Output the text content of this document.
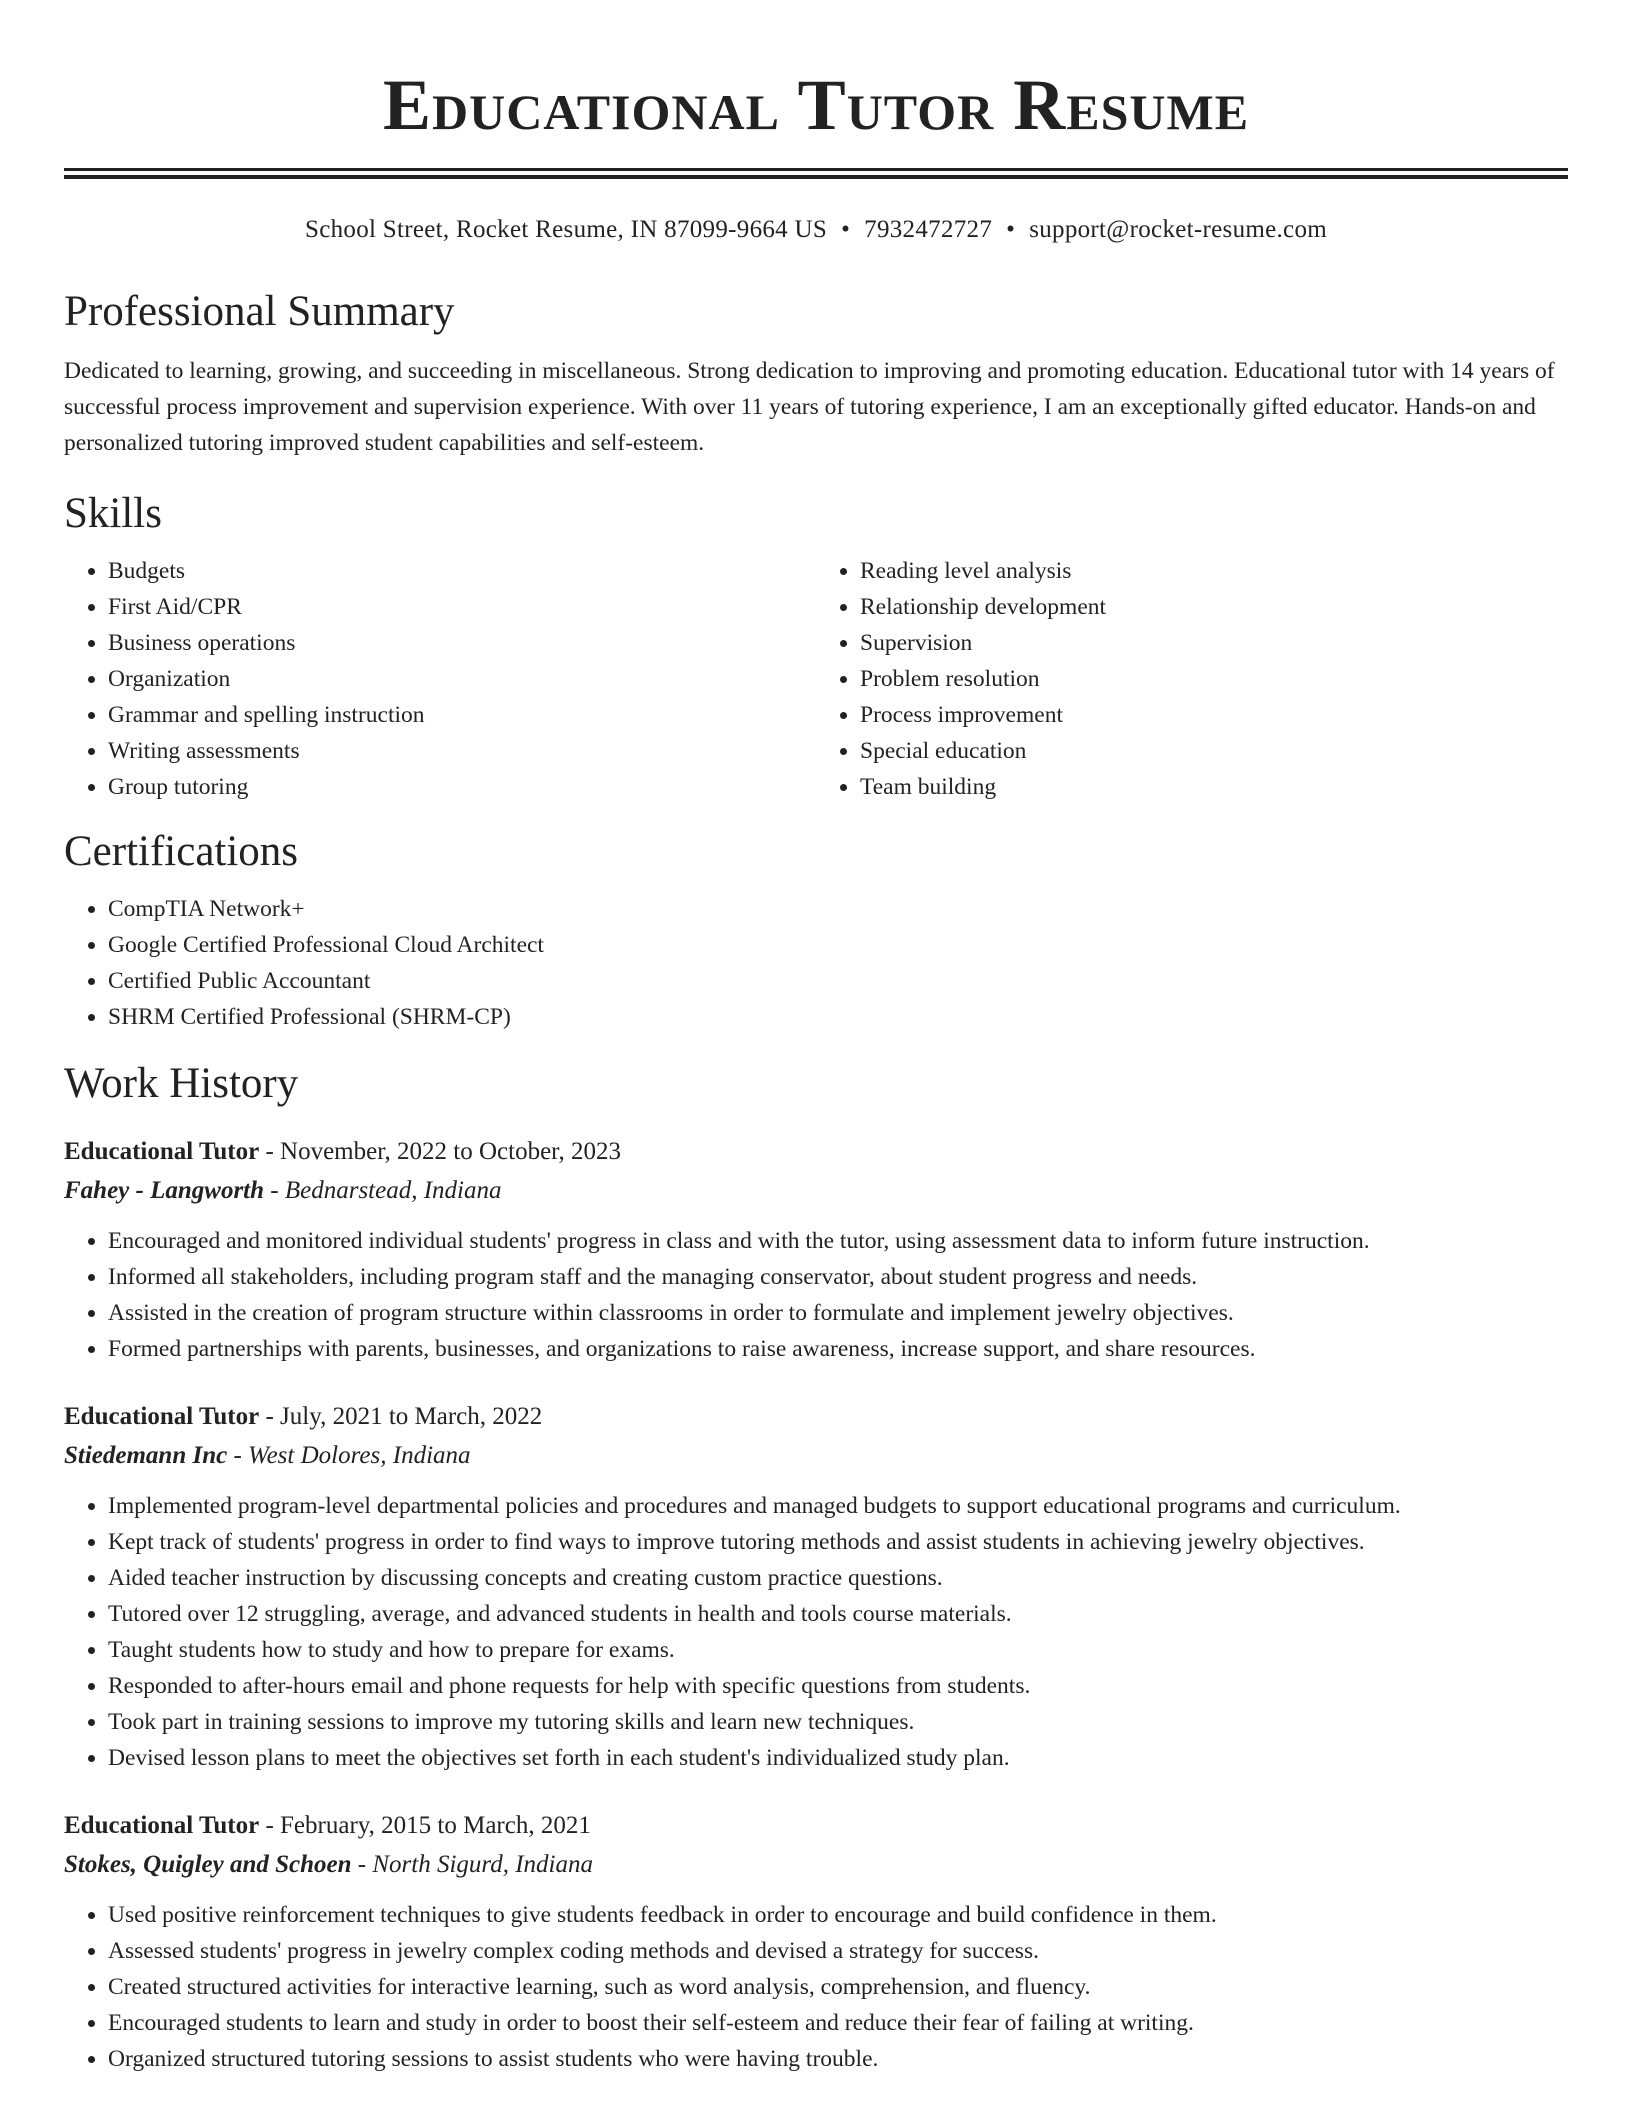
Educational Tutor Resume
School Street, Rocket Resume, IN 87099-9664 US • 7932472727 • support@rocket-resume.com
Professional Summary
Dedicated to learning, growing, and succeeding in miscellaneous. Strong dedication to improving and promoting education. Educational tutor with 14 years of successful process improvement and supervision experience. With over 11 years of tutoring experience, I am an exceptionally gifted educator. Hands-on and personalized tutoring improved student capabilities and self-esteem.
Skills
• Budgets
• First Aid/CPR
• Business operations
• Organization
• Grammar and spelling instruction
• Writing assessments
• Group tutoring
• Reading level analysis
• Relationship development
• Supervision
• Problem resolution
• Process improvement
• Special education
• Team building
Certifications
• CompTIA Network+
• Google Certified Professional Cloud Architect
• Certified Public Accountant
• SHRM Certified Professional (SHRM-CP)
Work History
Educational Tutor - November, 2022 to October, 2023
Fahey - Langworth - Bednarstead, Indiana
• Encouraged and monitored individual students' progress in class and with the tutor, using assessment data to inform future instruction.
• Informed all stakeholders, including program staff and the managing conservator, about student progress and needs.
• Assisted in the creation of program structure within classrooms in order to formulate and implement jewelry objectives.
• Formed partnerships with parents, businesses, and organizations to raise awareness, increase support, and share resources.
Educational Tutor - July, 2021 to March, 2022
Stiedemann Inc - West Dolores, Indiana
• Implemented program-level departmental policies and procedures and managed budgets to support educational programs and curriculum.
• Kept track of students' progress in order to find ways to improve tutoring methods and assist students in achieving jewelry objectives.
• Aided teacher instruction by discussing concepts and creating custom practice questions.
• Tutored over 12 struggling, average, and advanced students in health and tools course materials.
• Taught students how to study and how to prepare for exams.
• Responded to after-hours email and phone requests for help with specific questions from students.
• Took part in training sessions to improve my tutoring skills and learn new techniques.
• Devised lesson plans to meet the objectives set forth in each student's individualized study plan.
Educational Tutor - February, 2015 to March, 2021
Stokes, Quigley and Schoen - North Sigurd, Indiana
• Used positive reinforcement techniques to give students feedback in order to encourage and build confidence in them.
• Assessed students' progress in jewelry complex coding methods and devised a strategy for success.
• Created structured activities for interactive learning, such as word analysis, comprehension, and fluency.
• Encouraged students to learn and study in order to boost their self-esteem and reduce their fear of failing at writing.
• Organized structured tutoring sessions to assist students who were having trouble.
